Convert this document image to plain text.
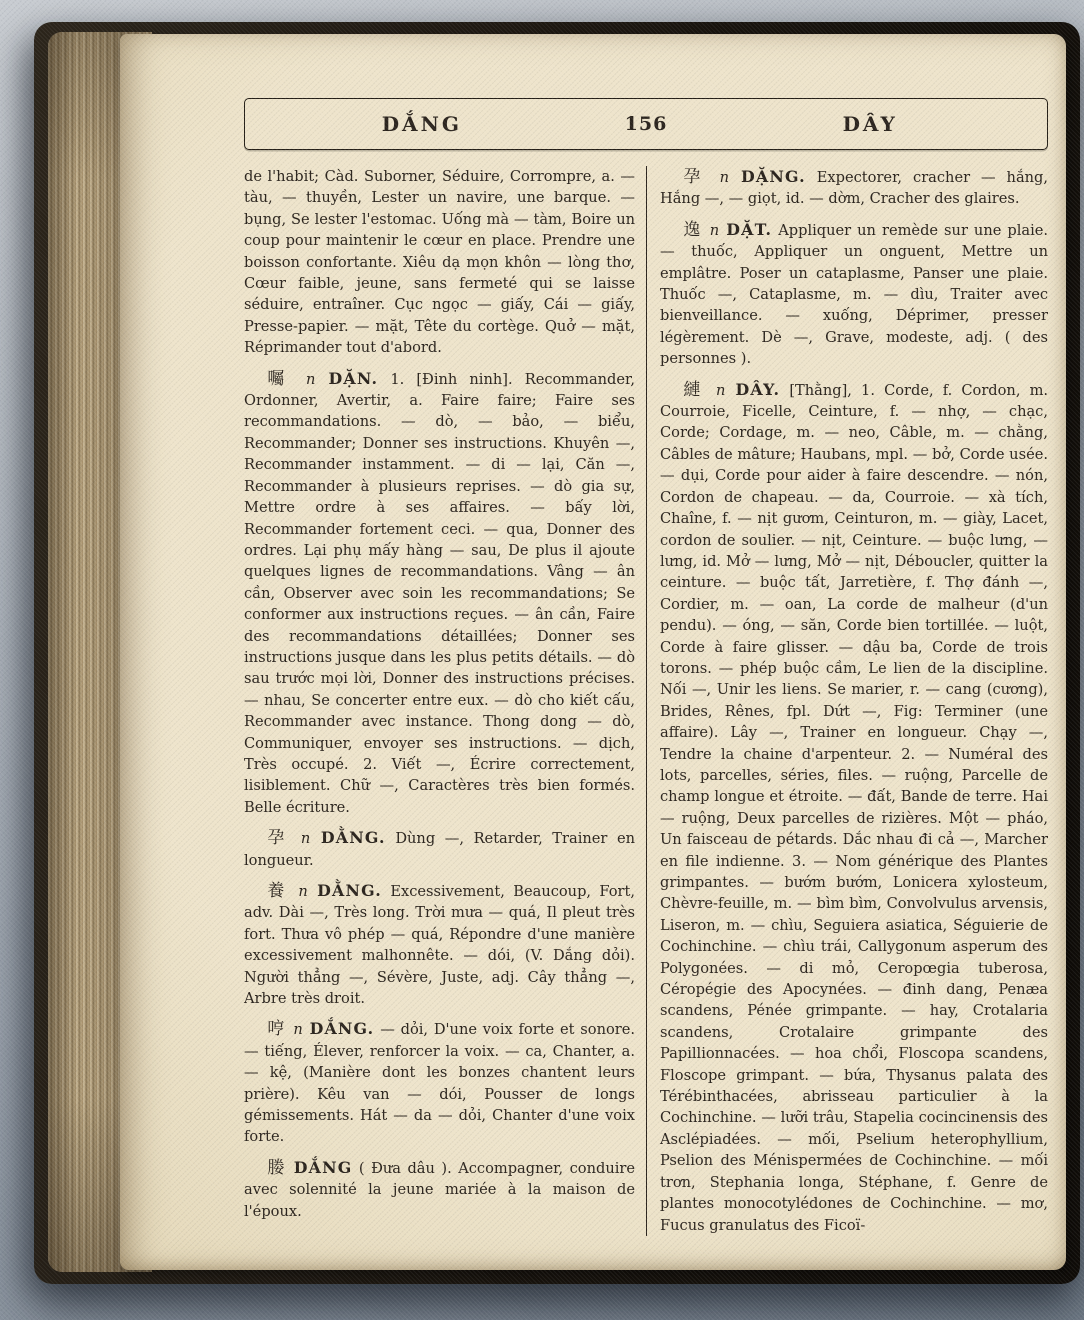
DẮNG	156	DÂY

de l'habit; Càd. Suborner, Séduire, Corrompre, a. — tàu, — thuyền, Lester un navire, une barque. — bụng, Se lester l'estomac. Uống mà — tàm, Boire un coup pour maintenir le cœur en place. Prendre une boisson confortante. Xiêu dạ mọn khôn — lòng thơ, Cœur faible, jeune, sans fermeté qui se laisse séduire, entraîner. Cục ngọc — giấy, Cái — giấy, Presse-papier. — mặt, Tête du cortège. Quở — mặt, Réprimander tout d'abord.

囑 n DẶN. 1. [Đinh ninh]. Recommander, Ordonner, Avertir, a. Faire faire; Faire ses recommandations. — dò, — bảo, — biểu, Recommander; Donner ses instructions. Khuyên —, Recommander instamment. — di — lại, Căn —, Recommander à plusieurs reprises. — dò gia sự, Mettre ordre à ses affaires. — bấy lời, Recommander fortement ceci. — qua, Donner des ordres. Lại phụ mấy hàng — sau, De plus il ajoute quelques lignes de recommandations. Vâng — ân cần, Observer avec soin les recommandations; Se conformer aux instructions reçues. — ân cần, Faire des recommandations détaillées; Donner ses instructions jusque dans les plus petits détails. — dò sau trước mọi lời, Donner des instructions précises. — nhau, Se concerter entre eux. — dò cho kiết cấu, Recommander avec instance. Thong dong — dò, Communiquer, envoyer ses instructions. — dịch, Très occupé. 2. Viết —, Écrire correctement, lisiblement. Chữ —, Caractères très bien formés. Belle écriture.

孕 n DẰNG. Dùng —, Retarder, Trainer en longueur.

養 n DẰNG. Excessivement, Beaucoup, Fort, adv. Dài —, Très long. Trời mưa — quá, Il pleut très fort. Thưa vô phép — quá, Répondre d'une manière excessivement malhonnête. — dói, (V. Dắng dỏi). Người thẳng —, Sévère, Juste, adj. Cây thẳng —, Arbre très droit.

哼 n DẮNG. — dỏi, D'une voix forte et sonore. — tiếng, Élever, renforcer la voix. — ca, Chanter, a. — kệ, (Manière dont les bonzes chantent leurs prière). Kêu van — dói, Pousser de longs gémissements. Hát — da — dỏi, Chanter d'une voix forte.

媵 DẮNG ( Đưa dâu ). Accompagner, conduire avec solennité la jeune mariée à la maison de l'époux.

孕 n DẶNG. Expectorer, cracher — hắng, Hắng —, — giọt, id. — dờm, Cracher des glaires.

逸 n DẶT. Appliquer un remède sur une plaie. — thuốc, Appliquer un onguent, Mettre un emplâtre. Poser un cataplasme, Panser une plaie. Thuốc —, Cataplasme, m. — dìu, Traiter avec bienveillance. — xuống, Déprimer, presser légèrement. Dè —, Grave, modeste, adj. ( des personnes ).

縺 n DÂY. [Thằng], 1. Corde, f. Cordon, m. Courroie, Ficelle, Ceinture, f. — nhợ, — chạc, Corde; Cordage, m. — neo, Câble, m. — chằng, Câbles de mâture; Haubans, mpl. — bở, Corde usée. — dụi, Corde pour aider à faire descendre. — nón, Cordon de chapeau. — da, Courroie. — xà tích, Chaîne, f. — nịt gươm, Ceinturon, m. — giày, Lacet, cordon de soulier. — nịt, Ceinture. — buộc lưng, — lưng, id. Mở — lưng, Mở — nịt, Déboucler, quitter la ceinture. — buộc tất, Jarretière, f. Thợ đánh —, Cordier, m. — oan, La corde de malheur (d'un pendu). — óng, — săn, Corde bien tortillée. — luột, Corde à faire glisser. — dậu ba, Corde de trois torons. — phép buộc cầm, Le lien de la discipline. Nối —, Unir les liens. Se marier, r. — cang (cương), Brides, Rênes, fpl. Dứt —, Fig: Terminer (une affaire). Lây —, Trainer en longueur. Chạy —, Tendre la chaine d'arpenteur. 2. — Numéral des lots, parcelles, séries, files. — ruộng, Parcelle de champ longue et étroite. — đất, Bande de terre. Hai — ruộng, Deux parcelles de rizières. Một — pháo, Un faisceau de pétards. Dắc nhau đi cả —, Marcher en file indienne. 3. — Nom générique des Plantes grimpantes. — bướm bướm, Lonicera xylosteum, Chèvre-feuille, m. — bìm bìm, Convolvulus arvensis, Liseron, m. — chìu, Seguiera asiatica, Séguierie de Cochinchine. — chìu trái, Callygonum asperum des Polygonées. — di mỏ, Ceropœgia tuberosa, Céropégie des Apocynées. — đinh dang, Penæa scandens, Pénée grimpante. — hay, Crotalaria scandens, Crotalaire grimpante des Papillionnacées. — hoa chổi, Floscopa scandens, Floscope grimpant. — bứa, Thysanus palata des Térébinthacées, abrisseau particulier à la Cochinchine. — lưỡi trâu, Stapelia cocincinensis des Asclépiadées. — mối, Pselium heterophyllium, Pselion des Ménispermées de Cochinchine. — mối trơn, Stephania longa, Stéphane, f. Genre de plantes monocotylédones de Cochinchine. — mơ, Fucus granulatus des Ficoï-
